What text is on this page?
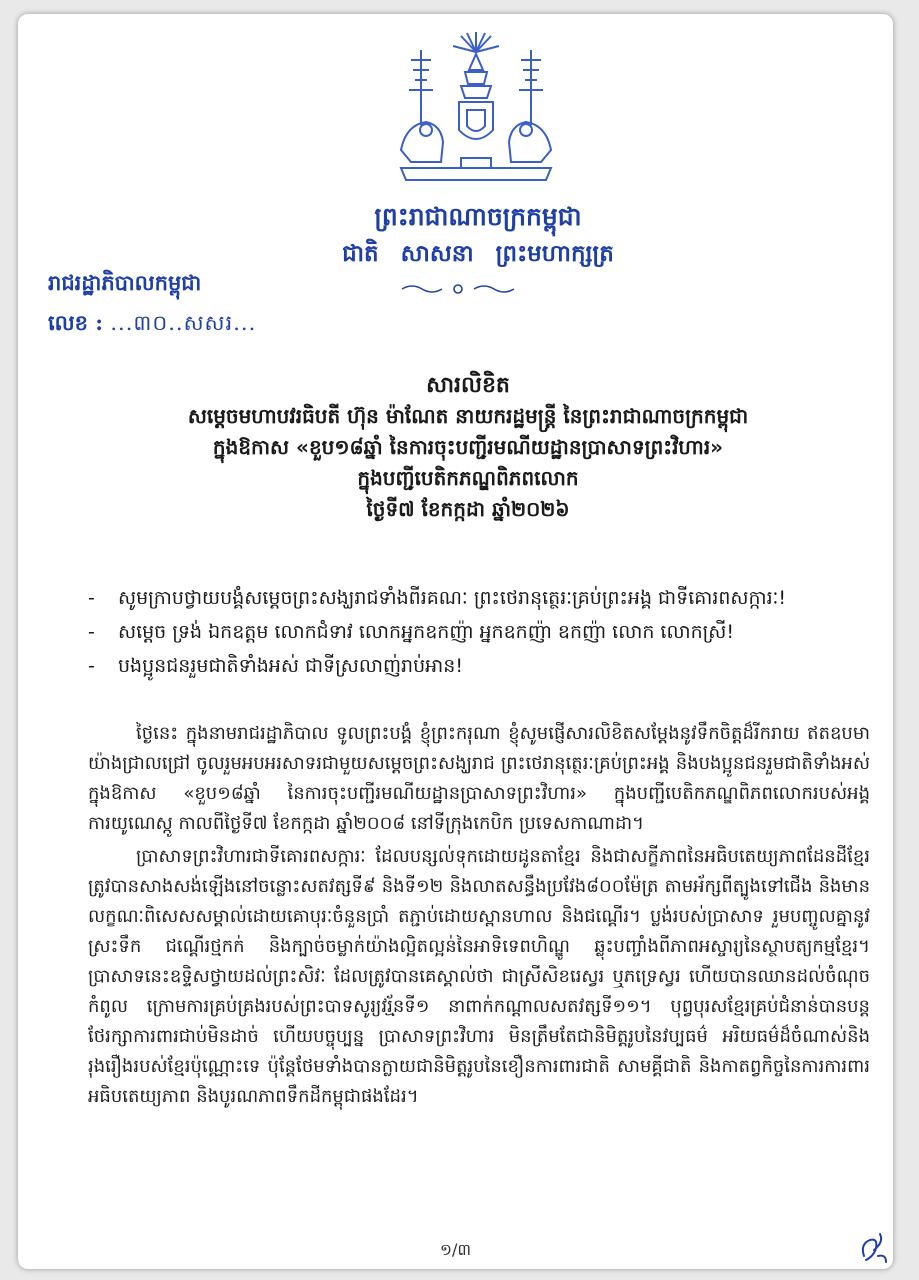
ព្រះរាជាណាចក្រកម្ពុជា
ជាតិ សាសនា ព្រះមហាក្សត្រ
រាជរដ្ឋាភិបាលកម្ពុជា
លេខ : ...៣០..សសរ...
សារលិខិត
សម្តេចមហាបវរធិបតី ហ៊ុន ម៉ាណែត នាយករដ្ឋមន្ត្រី នៃព្រះរាជាណាចក្រកម្ពុជា
ក្នុងឱកាស «ខួប១៨ឆ្នាំ នៃការចុះបញ្ជីរមណីយដ្ឋានប្រាសាទព្រះវិហារ»
ក្នុងបញ្ជីបេតិកភណ្ឌពិភពលោក
ថ្ងៃទី៧ ខែកក្កដា ឆ្នាំ២០២៦
- សូមក្រាបថ្វាយបង្គំសម្តេចព្រះសង្ឃរាជទាំងពីរគណៈ ព្រះថេរានុត្ថេរៈគ្រប់ព្រះអង្គ ជាទីគោរពសក្ការៈ!
- សម្តេច ទ្រង់ ឯកឧត្តម លោកជំទាវ លោកអ្នកឧកញ៉ា អ្នកឧកញ៉ា ឧកញ៉ា លោក លោកស្រី!
- បងប្អូនជនរួមជាតិទាំងអស់ ជាទីស្រលាញ់រាប់អាន!

ថ្ងៃនេះ ក្នុងនាមរាជរដ្ឋាភិបាល ទូលព្រះបង្គំ ខ្ញុំព្រះករុណា ខ្ញុំសូមផ្ញើសារលិខិតសម្តែងនូវទឹកចិត្តដ៏រីករាយ ឥតឧបមាយ៉ាងជ្រាលជ្រៅ ចូលរួមអបអរសាទរជាមួយសម្តេចព្រះសង្ឃរាជ ព្រះថេរានុត្ថេរៈគ្រប់ព្រះអង្គ និងបងប្អូនជនរួមជាតិទាំងអស់ ក្នុងឱកាស «ខួប១៨ឆ្នាំ នៃការចុះបញ្ជីរមណីយដ្ឋានប្រាសាទព្រះវិហារ» ក្នុងបញ្ជីបេតិកភណ្ឌពិភពលោករបស់អង្គការយូណេស្កូ កាលពីថ្ងៃទី៧ ខែកក្កដា ឆ្នាំ២០០៨ នៅទីក្រុងកេបិក ប្រទេសកាណាដា។

ប្រាសាទព្រះវិហារជាទីគោរពសក្ការៈ ដែលបន្សល់ទុកដោយដូនតាខ្មែរ និងជាសក្ខីភាពនៃអធិបតេយ្យភាពដែនដីខ្មែរ ត្រូវបានសាងសង់ឡើងនៅចន្លោះសតវត្សទី៩ និងទី១២ និងលាតសន្ធឹងប្រវែង៨០០ម៉ែត្រ តាមអ័ក្សពីត្បូងទៅជើង និងមានលក្ខណៈពិសេសសម្គាល់ដោយគោបុរៈចំនួនប្រាំ តភ្ជាប់ដោយស្ពានហាល និងជណ្តើរ។ ប្លង់របស់ប្រាសាទ រួមបញ្ចូលគ្នានូវស្រះទឹក ជណ្តើរថ្មកក់ និងក្បាច់ចម្លាក់យ៉ាងល្អិតល្អន់នៃអាទិទេពហិណ្ឌូ ឆ្លុះបញ្ចាំងពីភាពអស្ចារ្យនៃស្ថាបត្យកម្មខ្មែរ។ ប្រាសាទនេះឧទ្ទិសថ្វាយដល់ព្រះសិវៈ ដែលត្រូវបានគេស្គាល់ថា ជាស្រីសិខរេស្វរ ឬភទ្រេស្វរ ហើយបានឈានដល់ចំណុចកំពូល ក្រោមការគ្រប់គ្រងរបស់ព្រះបាទសូរ្យវរ្ម័នទី១ នាពាក់កណ្តាលសតវត្សទី១១។ បុព្វបុរសខ្មែរគ្រប់ជំនាន់បានបន្តថែរក្សាការពារជាប់មិនដាច់ ហើយបច្ចុប្បន្ន ប្រាសាទព្រះវិហារ មិនត្រឹមតែជានិមិត្តរូបនៃវប្បធម៌ អរិយធម៌ដ៏ចំណាស់និងរុងរឿងរបស់ខ្មែរប៉ុណ្ណោះទេ ប៉ុន្តែថែមទាំងបានក្លាយជានិមិត្តរូបនៃខឿនការពារជាតិ សាមគ្គីជាតិ និងកាតព្វកិច្ចនៃការការពារអធិបតេយ្យភាព និងបូរណភាពទឹកដីកម្ពុជាផងដែរ។

១/៣
